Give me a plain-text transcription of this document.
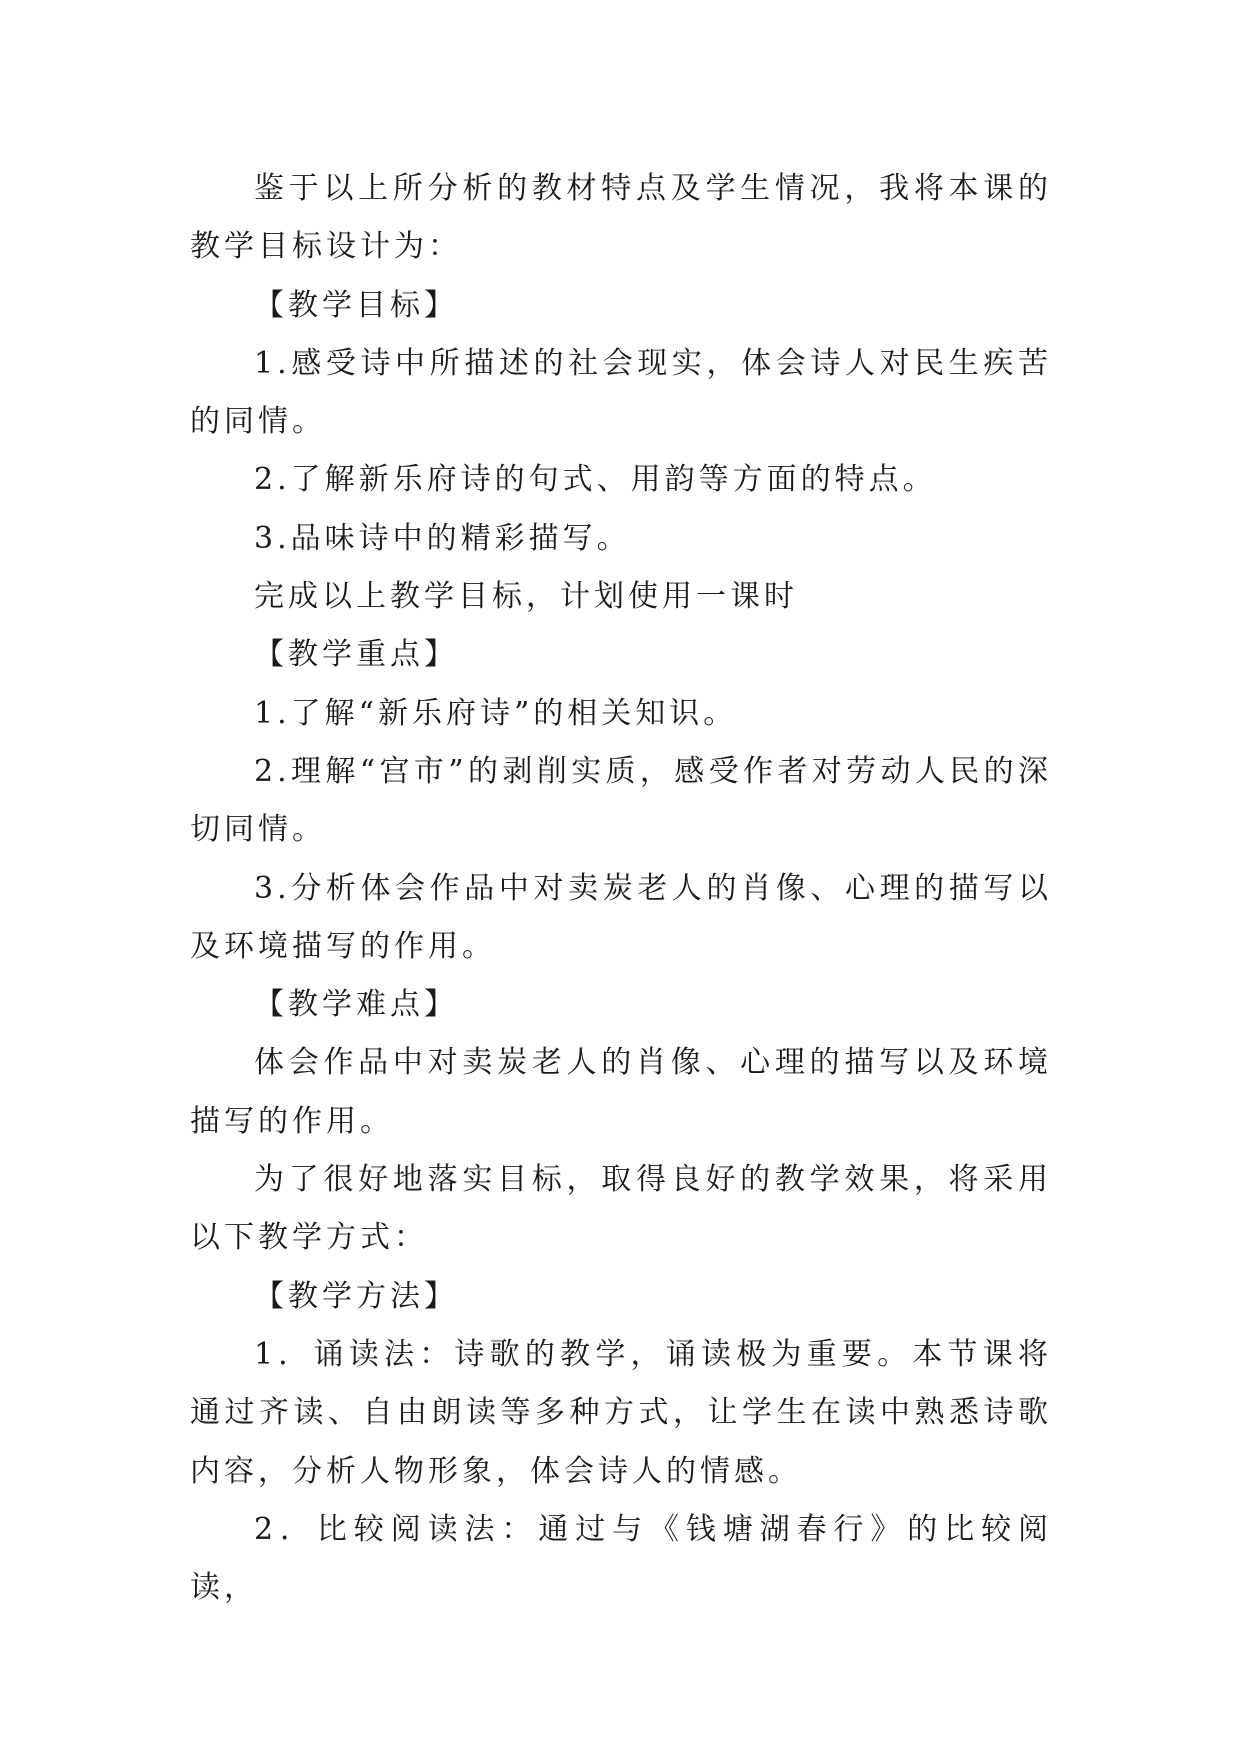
鉴于以上所分析的教材特点及学生情况，我将本课的教学目标设计为：

【教学目标】

1.感受诗中所描述的社会现实，体会诗人对民生疾苦的同情。

2.了解新乐府诗的句式、用韵等方面的特点。

3.品味诗中的精彩描写。

完成以上教学目标，计划使用一课时

【教学重点】

1.了解“新乐府诗”的相关知识。

2.理解“宫市”的剥削实质，感受作者对劳动人民的深切同情。

3.分析体会作品中对卖炭老人的肖像、心理的描写以及环境描写的作用。

【教学难点】

体会作品中对卖炭老人的肖像、心理的描写以及环境描写的作用。

为了很好地落实目标，取得良好的教学效果，将采用以下教学方式：

【教学方法】

1．诵读法：诗歌的教学，诵读极为重要。本节课将通过齐读、自由朗读等多种方式，让学生在读中熟悉诗歌内容，分析人物形象，体会诗人的情感。

2．比较阅读法：通过与《钱塘湖春行》的比较阅读，
